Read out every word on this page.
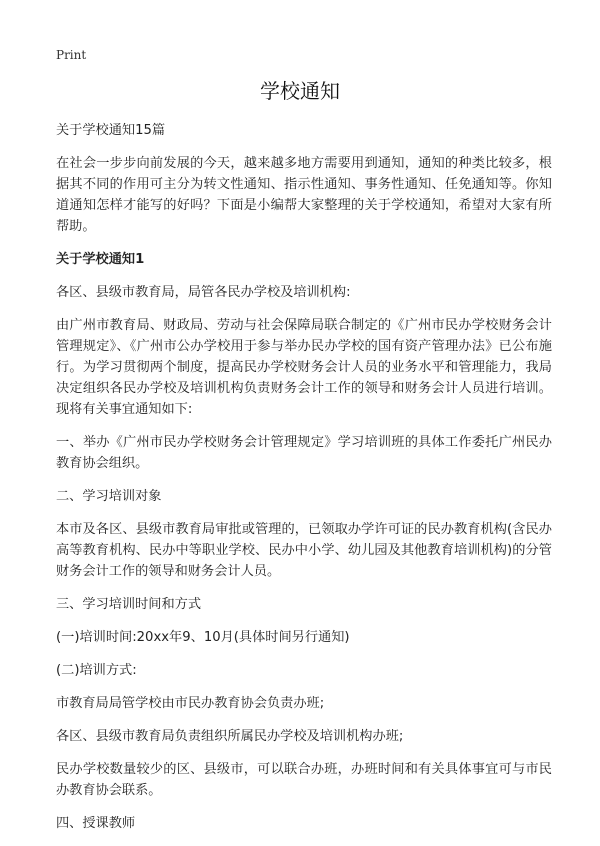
Print
学校通知

关于学校通知15篇

在社会一步步向前发展的今天，越来越多地方需要用到通知，通知的种类比较多，根据其不同的作用可主分为转文性通知、指示性通知、事务性通知、任免通知等。你知道通知怎样才能写的好吗？下面是小编帮大家整理的关于学校通知，希望对大家有所帮助。

关于学校通知1

各区、县级市教育局，局管各民办学校及培训机构:

由广州市教育局、财政局、劳动与社会保障局联合制定的《广州市民办学校财务会计管理规定》、《广州市公办学校用于参与举办民办学校的国有资产管理办法》已公布施行。为学习贯彻两个制度，提高民办学校财务会计人员的业务水平和管理能力，我局决定组织各民办学校及培训机构负责财务会计工作的领导和财务会计人员进行培训。现将有关事宜通知如下:

一、举办《广州市民办学校财务会计管理规定》学习培训班的具体工作委托广州民办教育协会组织。

二、学习培训对象

本市及各区、县级市教育局审批或管理的，已领取办学许可证的民办教育机构(含民办高等教育机构、民办中等职业学校、民办中小学、幼儿园及其他教育培训机构)的分管财务会计工作的领导和财务会计人员。

三、学习培训时间和方式

(一)培训时间:20xx年9、10月(具体时间另行通知)

(二)培训方式:

市教育局局管学校由市民办教育协会负责办班;

各区、县级市教育局负责组织所属民办学校及培训机构办班;

民办学校数量较少的区、县级市，可以联合办班，办班时间和有关具体事宜可与市民办教育协会联系。

四、授课教师
